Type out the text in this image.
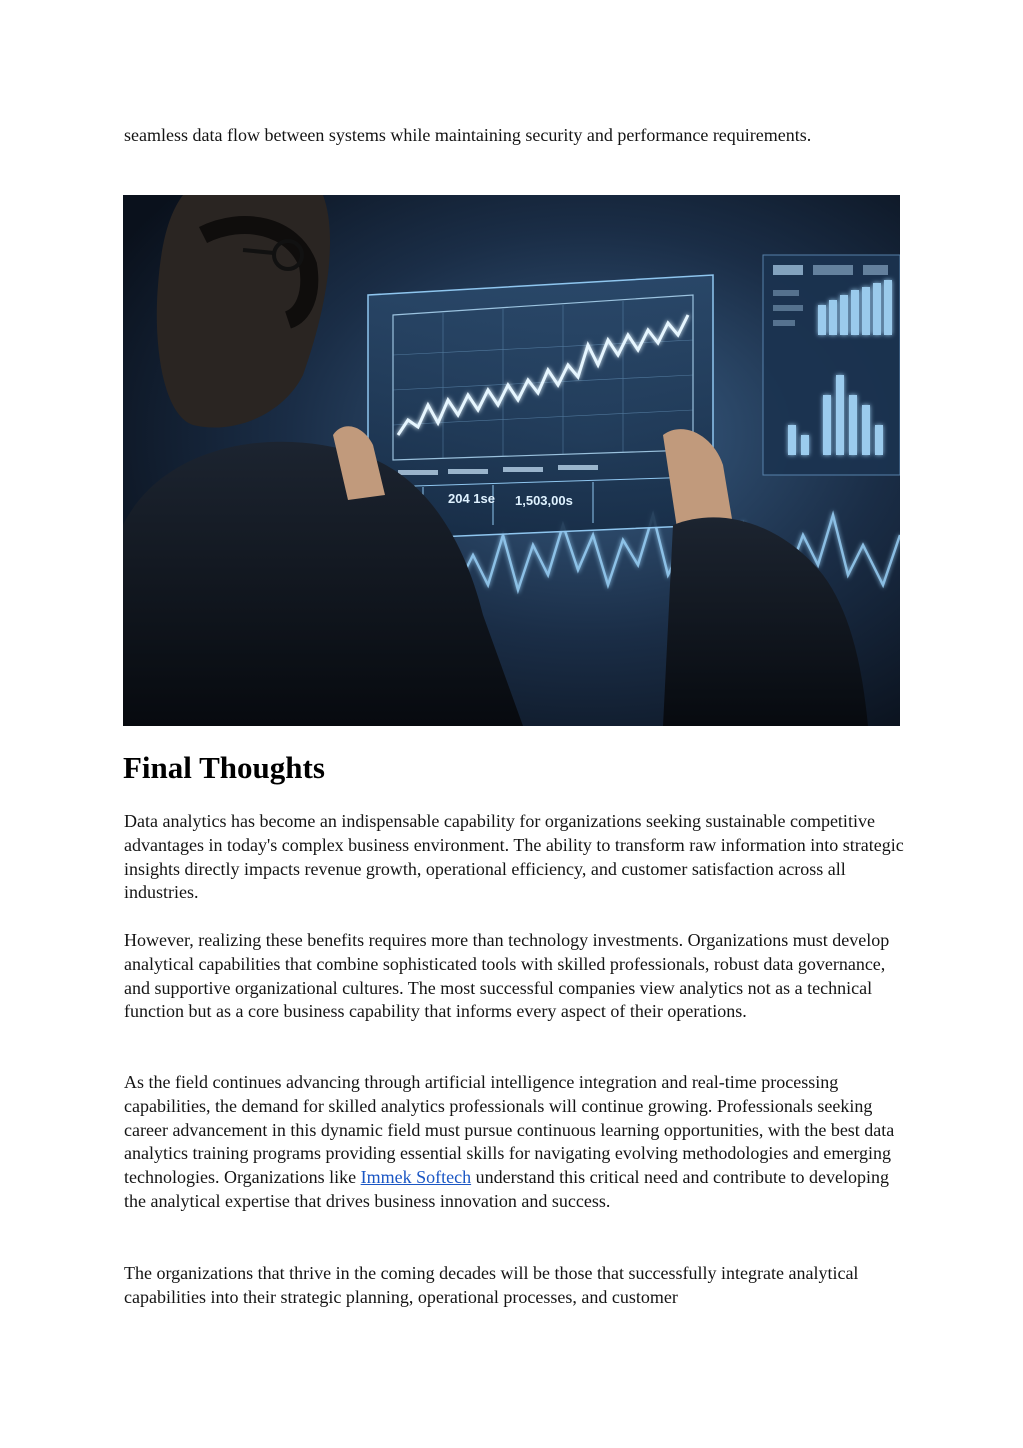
seamless data flow between systems while maintaining security and performance requirements.

204 1se 1,503,00s
Final Thoughts

Data analytics has become an indispensable capability for organizations seeking sustainable competitive advantages in today's complex business environment. The ability to transform raw information into strategic insights directly impacts revenue growth, operational efficiency, and customer satisfaction across all industries.

However, realizing these benefits requires more than technology investments. Organizations must develop analytical capabilities that combine sophisticated tools with skilled professionals, robust data governance, and supportive organizational cultures. The most successful companies view analytics not as a technical function but as a core business capability that informs every aspect of their operations.

As the field continues advancing through artificial intelligence integration and real-time processing capabilities, the demand for skilled analytics professionals will continue growing. Professionals seeking career advancement in this dynamic field must pursue continuous learning opportunities, with the best data analytics training programs providing essential skills for navigating evolving methodologies and emerging technologies. Organizations like Immek Softech understand this critical need and contribute to developing the analytical expertise that drives business innovation and success.

The organizations that thrive in the coming decades will be those that successfully integrate analytical capabilities into their strategic planning, operational processes, and customer
